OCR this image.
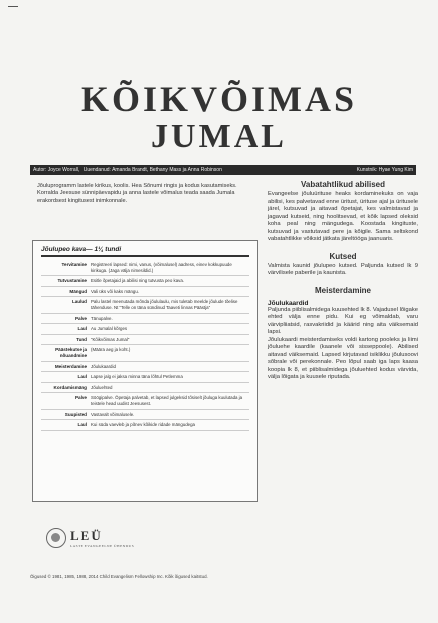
KÕIKVÕIMAS
JUMAL
Autor: Joyce Worrall, Uuendanud: Amanda Brandt, Bethany Mass ja Anna Robinson	Kunstnik: Hyae Yung Kim

Jõuluprogramm lastele kirikus, koolis. Hea Sõnumi ringis ja kodus kasutamiseks. Korralda Jeesuse sünnipäevapidu ja anna lastele võimalus teada saada Jumala erakordsest kingitusest inimkonnale.

Jõulupeo kava— 1¼ tundi
Tervitamine Registreeri lapsed: nimi, vanus, (võimalusel) aadress, einev kokkupuude kirikuga. (Jaga välja nimesildid.)
Tutvustamine Esitle õpetajaid ja abilisi ning tutvusta peo kava.
Mängud Vali üks või kaks mängu.
Laulud Palu lastel meenutada mõnda jõululaulu, mis tuletab meelde jõulude tõelise tähenduse. Nt “Telle on täna sündinud Taaveti linnas Päästja”
Palve Tänupalve.
Laul Au Jumalal kõrges
Tund “Kõikvõimas Jumal”
Päästekutse ja nõuandmine
(Määra aeg ja koht.)
Meisterdamine Jõulukaardid
Laul Lapse jalg ei jaksa minna täna lõhtul Petlemma
Kordamismäng Jõuluehted
Palve Söögipalve. Õpetaja palvetab, et lapsed julgeksid tõsiselt jõuluga kuulutada ja teistele head uudist Jeesusest.
Suupisted Vastavalt võimalusele.
Laul Kui süda vaevleb ja põnev kõikide ridade mängudega
Vabatahtlikud abilised

Evangeelse jõuluürituse heaks kordaminekuks on vaja abilisi, kes palvetavad enne üritust, ürituse ajal ja üritusele järel, kutsuvad ja aitavad õpetajat, kes valmistavad ja jagavad kutseid, ning hoolitsevad, et kõik lapsed oleksid koha peal ning mängudega. Koostada kingituste, kutsuvad ja vastutavad pere ja kõigile. Sama seltskond vabatahtlikke võiksid jätkata järeltööga jaanuaris.

Kutsed

Valmista kaunid jõulupeo kutsed. Paljunda kutsed lk 9 värvilisele paberile ja kaunista.

Meisterdamine
Jõulukaardid

Paljunda piiblisalmidega kuusehted lk 8. Vajadusel lõigake ehted välja enne pidu. Kui eg võimaldab, varu värvipliiatsid, rasvakriidid ja käärid ning aita väiksemaid lapsi.

Jõulukaardi meisterdamiseks voldi kartong pooleks ja liimi jõuluehe kaardile (kaanele või sisseppoole). Abilised aitavad väiksemaid. Lapsed kirjutavad isiklikku jõulusoovi sõbrale või perekonnale. Peo lõpul saab iga laps kaasa koopia lk 8, et piiblisalmidega jõuluehted kodus värvida, välja lõigata ja kuusele riputada.

LEÜ
LASTE EVANGEELNE ÜHENDUS

Õigused © 1981, 1985, 1988, 2014 Child Evangelism Fellowship Inc. Kõik õigused kaitstud.
